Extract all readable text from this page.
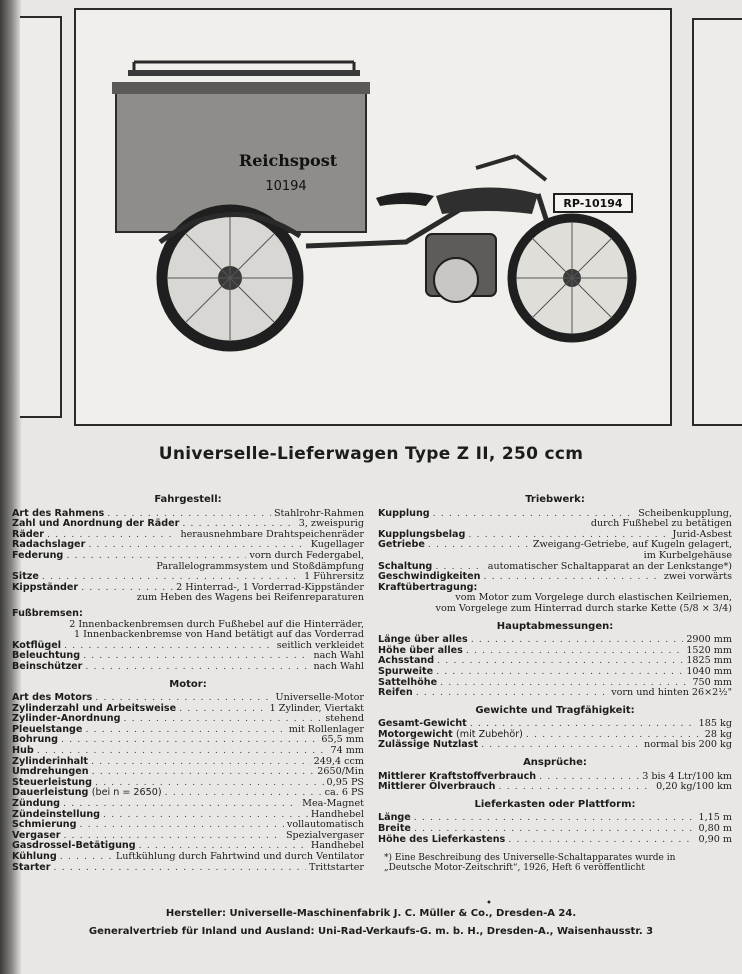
Reichspost
10194
RP-10194
Universelle-Lieferwagen Type Z II, 250 ccm
Fahrgestell:
Art des Rahmens . . .	Stahlrohr-Rahmen
Zahl und Anordnung der Räder . . .	3, zweispurig
Räder . . .	herausnehmbare Drahtspeichenräder
Radachslager . . .	Kugellager
Federung . . .	vorn durch Federgabel,
Parallelogrammsystem und Stoßdämpfung
Sitze . . .	1 Führersitz
Kippständer . . .	2 Hinterrad-, 1 Vorderrad-Kippständer
zum Heben des Wagens bei Reifenreparaturen
Fußbremsen:
2 Innenbackenbremsen durch Fußhebel auf die Hinterräder,
1 Innenbackenbremse von Hand betätigt auf das Vorderrad
Kotflügel . . .	seitlich verkleidet
Beleuchtung . . .	nach Wahl
Beinschützer . . .	nach Wahl
Motor:
Art des Motors . . .	Universelle-Motor
Zylinderzahl und Arbeitsweise . . .	1 Zylinder, Viertakt
Zylinder-Anordnung . . .	stehend
Pleuelstange . . .	mit Rollenlager
Bohrung . . .	65,5 mm
Hub . . .	74 mm
Zylinderinhalt . . .	249,4 ccm
Umdrehungen . . .	2650/Min
Steuerleistung . . .	0,95 PS
Dauerleistung (bei n = 2650) . . .	ca. 6 PS
Zündung . . .	Mea-Magnet
Zündeinstellung . . .	Handhebel
Schmierung . . .	vollautomatisch
Vergaser . . .	Spezialvergaser
Gasdrossel-Betätigung . . .	Handhebel
Kühlung . . .	Luftkühlung durch Fahrtwind und durch Ventilator
Starter . . .	Trittstarter
Triebwerk:
Kupplung . . .	Scheibenkupplung,
durch Fußhebel zu betätigen
Kupplungsbelag . . .	Jurid-Asbest
Getriebe . . .	Zweigang-Getriebe, auf Kugeln gelagert,
im Kurbelgehäuse
Schaltung . . .	automatischer Schaltapparat an der Lenkstange*)
Geschwindigkeiten . . .	zwei vorwärts
Kraftübertragung:
vom Motor zum Vorgelege durch elastischen Keilriemen,
vom Vorgelege zum Hinterrad durch starke Kette (5/8 × 3/4)
Hauptabmessungen:
Länge über alles . . .	2900 mm
Höhe über alles . . .	1520 mm
Achsstand . . .	1825 mm
Spurweite . . .	1040 mm
Sattelhöhe . . .	750 mm
Reifen . . .	vorn und hinten 26×2½"
Gewichte und Tragfähigkeit:
Gesamt-Gewicht . . .	185 kg
Motorgewicht (mit Zubehör) . . .	28 kg
Zulässige Nutzlast . . .	normal bis 200 kg
Ansprüche:
Mittlerer Kraftstoffverbrauch . . .	3 bis 4 Ltr/100 km
Mittlerer Ölverbrauch . . .	0,20 kg/100 km
Lieferkasten oder Plattform:
Länge . . .	1,15 m
Breite . . .	0,80 m
Höhe des Lieferkastens . . .	0,90 m
*) Eine Beschreibung des Universelle-Schaltapparates wurde in
„Deutsche Motor-Zeitschrift“, 1926, Heft 6 veröffentlicht
•
Hersteller: Universelle-Maschinenfabrik J. C. Müller & Co., Dresden-A 24.
Generalvertrieb für Inland und Ausland: Uni-Rad-Verkaufs-G. m. b. H., Dresden-A., Waisenhausstr. 3
